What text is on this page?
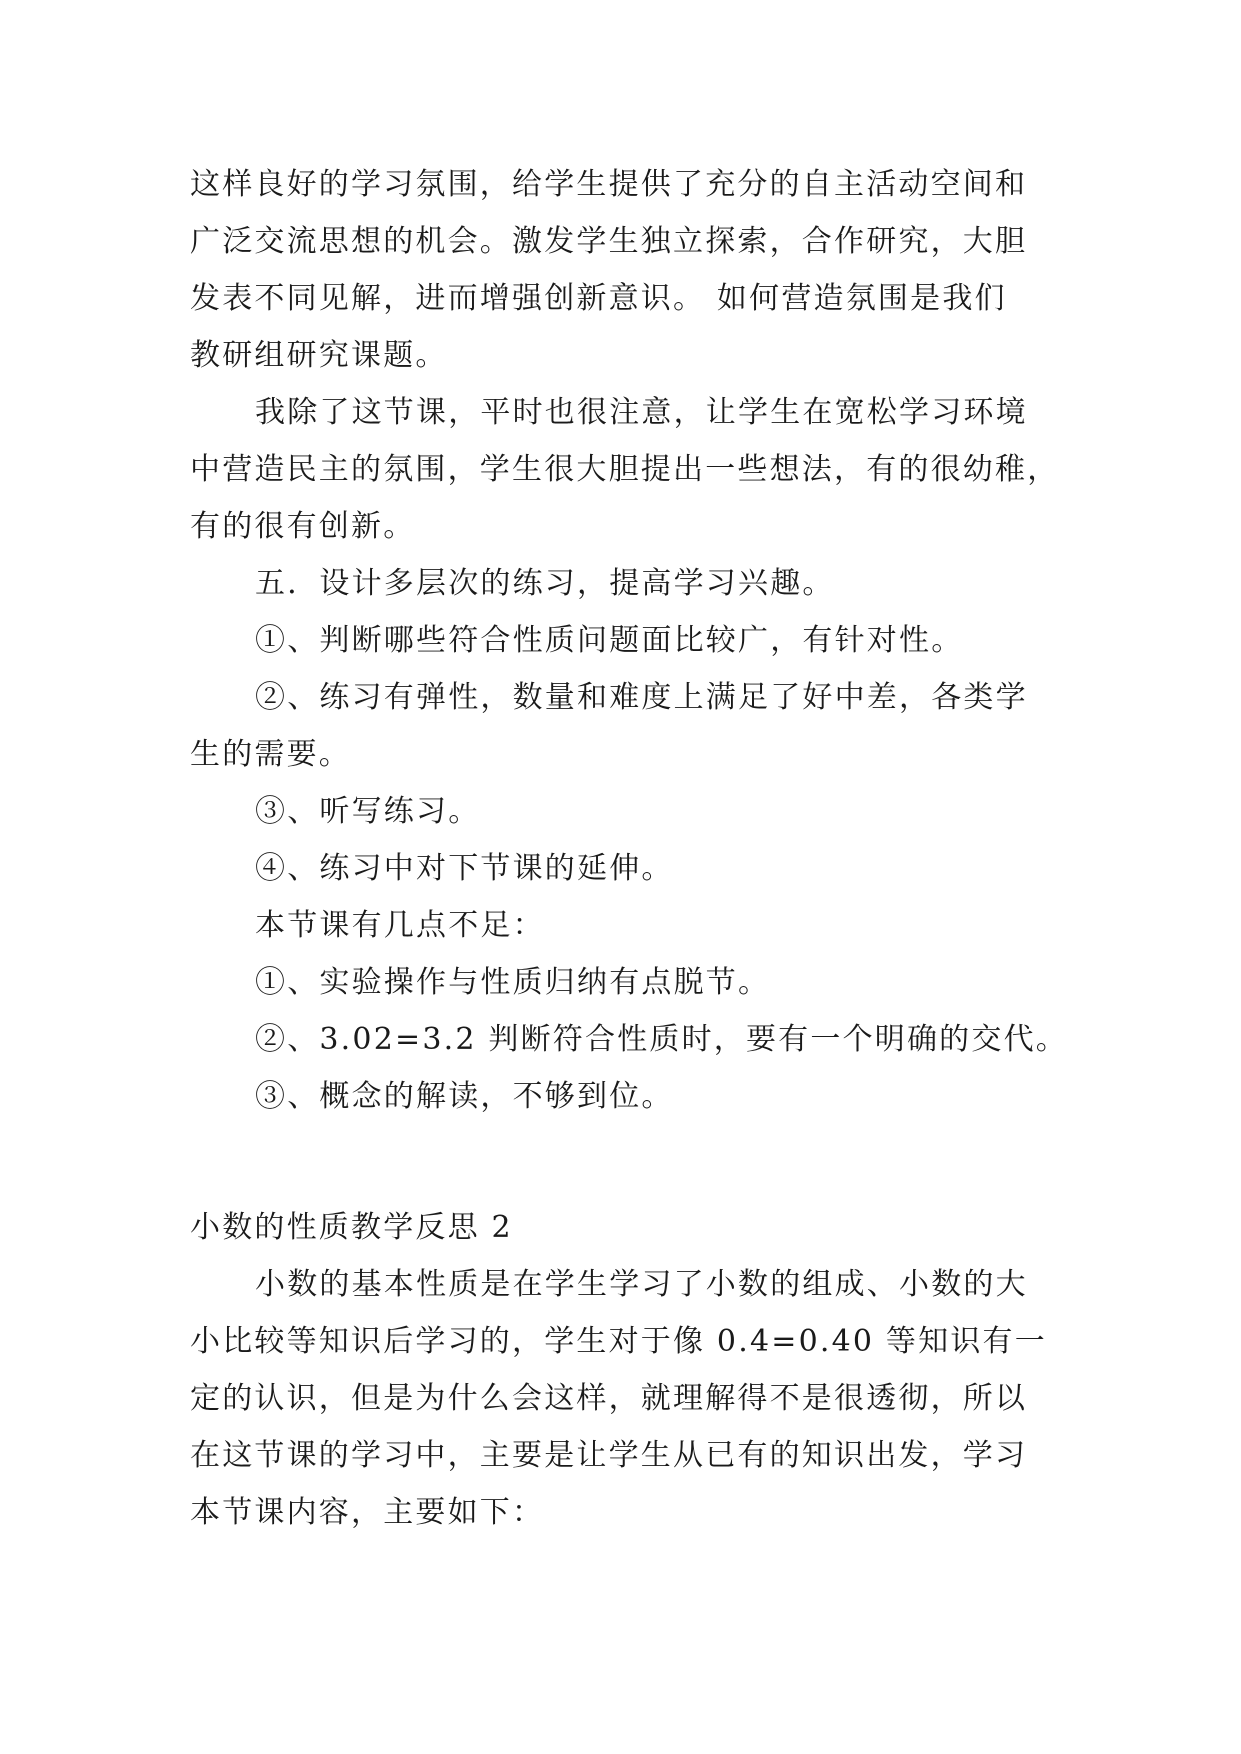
这样良好的学习氛围，给学生提供了充分的自主活动空间和
广泛交流思想的机会。激发学生独立探索，合作研究，大胆
发表不同见解，进而增强创新意识。 如何营造氛围是我们
教研组研究课题。
我除了这节课，平时也很注意，让学生在宽松学习环境
中营造民主的氛围，学生很大胆提出一些想法，有的很幼稚，
有的很有创新。
五．设计多层次的练习，提高学习兴趣。
①、判断哪些符合性质问题面比较广，有针对性。
②、练习有弹性，数量和难度上满足了好中差，各类学
生的需要。
③、听写练习。
④、练习中对下节课的延伸。
本节课有几点不足：
①、实验操作与性质归纳有点脱节。
②、3.02=3.2 判断符合性质时，要有一个明确的交代。
③、概念的解读，不够到位。
小数的性质教学反思 2
小数的基本性质是在学生学习了小数的组成、小数的大
小比较等知识后学习的，学生对于像 0.4=0.40 等知识有一
定的认识，但是为什么会这样，就理解得不是很透彻，所以
在这节课的学习中，主要是让学生从已有的知识出发，学习
本节课内容，主要如下：
